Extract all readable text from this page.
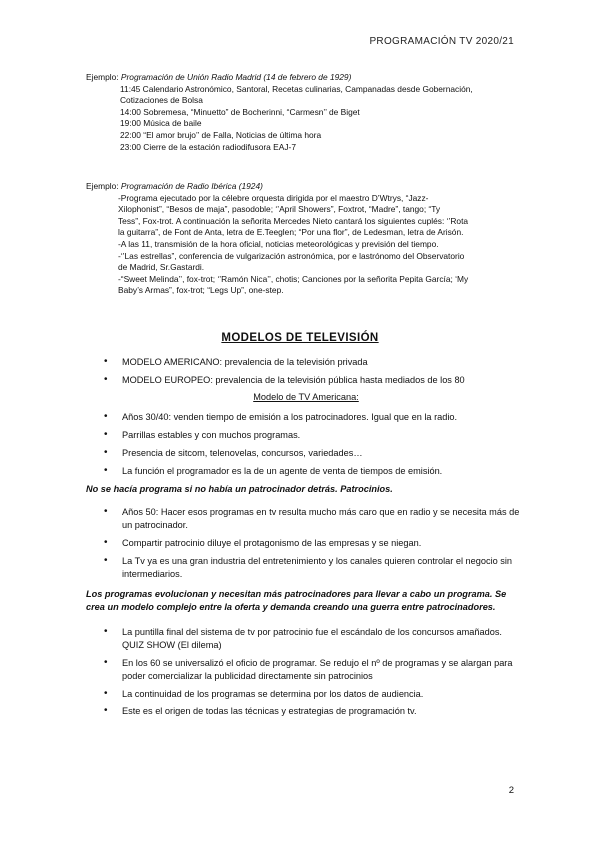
PROGRAMACIÓN TV 2020/21
Ejemplo: Programación de Unión Radio Madrid (14 de febrero de 1929)
11:45 Calendario Astronómico, Santoral, Recetas culinarias, Campanadas desde Gobernación,
Cotizaciones de Bolsa
14:00 Sobremesa, “Minuetto” de Bocherinni, “Carmesn’’ de Biget
19:00 Música de baile
22:00 “El amor brujo’’ de Falla, Noticias de última hora
23:00 Cierre de la estación radiodifusora EAJ-7
Ejemplo: Programación de Radio Ibérica (1924)
-Programa ejecutado por la célebre orquesta dirigida por el maestro D’Wtrys, “Jazz-
Xilophonist”, “Besos de maja”, pasodoble; ‘’April Showers”, Foxtrot, “Madre”, tango; “Ty
Tess”, Fox-trot. A continuación la señorita Mercedes Nieto cantará los siguientes cuplés: ‘’Rota
la guitarra”, de Font de Anta, letra de E.Teeglen; “Por una flor”, de Ledesman, letra de Arisón.
-A las 11, transmisión de la hora oficial, noticias meteorológicas y previsión del tiempo.
-‘’Las estrellas”, conferencia de vulgarización astronómica, por e lastrónomo del Observatorio
de Madrid, Sr.Gastardi.
-“Sweet Melinda’’, fox-trot; ‘’Ramón Nica’’, chotis; Canciones por la señorita Pepita García; ‘My
Baby’s Armas”, fox-trot; “Legs Up”, one-step.
MODELOS DE TELEVISIÓN
• MODELO AMERICANO: prevalencia de la televisión privada
• MODELO EUROPEO: prevalencia de la televisión pública hasta mediados de los 80
Modelo de TV Americana:
• Años 30/40: venden tiempo de emisión a los patrocinadores. Igual que en la radio.
• Parrillas estables y con muchos programas.
• Presencia de sitcom, telenovelas, concursos, variedades…
• La función el programador es la de un agente de venta de tiempos de emisión.
No se hacía programa si no había un patrocinador detrás. Patrocinios.
• Años 50: Hacer esos programas en tv resulta mucho más caro que en radio y se necesita más de un patrocinador.
• Compartir patrocinio diluye el protagonismo de las empresas y se niegan.
• La Tv ya es una gran industria del entretenimiento y los canales quieren controlar el negocio sin intermediarios.
Los programas evolucionan y necesitan más patrocinadores para llevar a cabo un programa. Se crea un modelo complejo entre la oferta y demanda creando una guerra entre patrocinadores.
• La puntilla final del sistema de tv por patrocinio fue el escándalo de los concursos amañados. QUIZ SHOW (El dilema)
• En los 60 se universalizó el oficio de programar. Se redujo el nº de programas y se alargan para poder comercializar la publicidad directamente sin patrocinios
• La continuidad de los programas se determina por los datos de audiencia.
• Este es el origen de todas las técnicas y estrategias de programación tv.
2
